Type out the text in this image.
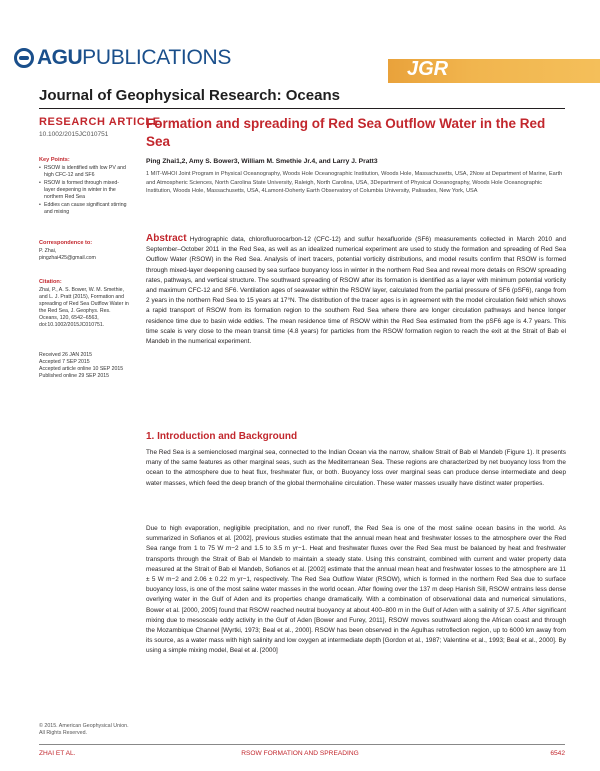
AGU PUBLICATIONS	JGR
Journal of Geophysical Research: Oceans
RESEARCH ARTICLE
10.1002/2015JC010751
Key Points:
• RSOW is identified with low PV and high CFC-12 and SF6
• RSOW is formed through mixed-layer deepening in winter in the northern Red Sea
• Eddies can cause significant stirring and mixing
Correspondence to:
P. Zhai,
pingzhai425@gmail.com
Citation:
Zhai, P., A. S. Bower, W. M. Smethie, and L. J. Pratt (2015), Formation and spreading of Red Sea Outflow Water in the Red Sea, J. Geophys. Res. Oceans, 120, 6542–6563, doi:10.1002/2015JC010751.
Received 26 JAN 2015
Accepted 7 SEP 2015
Accepted article online 10 SEP 2015
Published online 29 SEP 2015
Formation and spreading of Red Sea Outflow Water in the Red Sea
Ping Zhai1,2, Amy S. Bower3, William M. Smethie Jr.4, and Larry J. Pratt3
1 MIT-WHOI Joint Program in Physical Oceanography, Woods Hole Oceanographic Institution, Woods Hole, Massachusetts, USA, 2Now at Department of Marine, Earth and Atmospheric Sciences, North Carolina State University, Raleigh, North Carolina, USA, 3Department of Physical Oceanography, Woods Hole Oceanographic Institution, Woods Hole, Massachusetts, USA, 4Lamont-Doherty Earth Observatory of Columbia University, Palisades, New York, USA
Abstract Hydrographic data, chlorofluorocarbon-12 (CFC-12) and sulfur hexafluoride (SF6) measurements collected in March 2010 and September–October 2011 in the Red Sea, as well as an idealized numerical experiment are used to study the formation and spreading of Red Sea Outflow Water (RSOW) in the Red Sea. Analysis of inert tracers, potential vorticity distributions, and model results confirm that RSOW is formed through mixed-layer deepening caused by sea surface buoyancy loss in winter in the northern Red Sea and reveal more details on RSOW spreading rates, pathways, and vertical structure. The southward spreading of RSOW after its formation is identified as a layer with minimum potential vorticity and maximum CFC-12 and SF6. Ventilation ages of seawater within the RSOW layer, calculated from the partial pressure of SF6 (pSF6), range from 2 years in the northern Red Sea to 15 years at 17°N. The distribution of the tracer ages is in agreement with the model circulation field which shows a rapid transport of RSOW from its formation region to the southern Red Sea where there are longer circulation pathways and hence longer residence time due to basin wide eddies. The mean residence time of RSOW within the Red Sea estimated from the pSF6 age is 4.7 years. This time scale is very close to the mean transit time (4.8 years) for particles from the RSOW formation region to reach the exit at the Strait of Bab el Mandeb in the numerical experiment.
1. Introduction and Background
The Red Sea is a semienclosed marginal sea, connected to the Indian Ocean via the narrow, shallow Strait of Bab el Mandeb (Figure 1). It presents many of the same features as other marginal seas, such as the Mediterranean Sea. These regions are characterized by net buoyancy loss from the ocean to the atmosphere due to heat flux, freshwater flux, or both. Buoyancy loss over marginal seas can produce dense intermediate and deep water masses, which feed the deep branch of the global thermohaline circulation. These water masses usually have distinct water properties.
Due to high evaporation, negligible precipitation, and no river runoff, the Red Sea is one of the most saline ocean basins in the world. As summarized in Sofianos et al. [2002], previous studies estimate that the annual mean heat and freshwater losses to the atmosphere over the Red Sea range from 1 to 75 W m−2 and 1.5 to 3.5 m yr−1. Heat and freshwater fluxes over the Red Sea must be balanced by heat and freshwater transports through the Strait of Bab el Mandeb to maintain a steady state. Using this constraint, combined with current and water property data measured at the Strait of Bab el Mandeb, Sofianos et al. [2002] estimate that the annual mean heat and freshwater losses to the atmosphere are 11 ± 5 W m−2 and 2.06 ± 0.22 m yr−1, respectively. The Red Sea Outflow Water (RSOW), which is formed in the northern Red Sea due to surface buoyancy loss, is one of the most saline water masses in the world ocean. After flowing over the 137 m deep Hanish Sill, RSOW entrains less dense overlying water in the Gulf of Aden and its properties change dramatically. With a combination of observational data and numerical simulations, Bower et al. [2000, 2005] found that RSOW reached neutral buoyancy at about 400–800 m in the Gulf of Aden with a salinity of 37.5. After significant mixing due to mesoscale eddy activity in the Gulf of Aden [Bower and Furey, 2011], RSOW moves southward along the African coast and through the Mozambique Channel [Wyrtki, 1973; Beal et al., 2000]. RSOW has been observed in the Agulhas retroflection region, up to 6000 km away from its source, as a water mass with high salinity and low oxygen at intermediate depth [Gordon et al., 1987; Valentine et al., 1993; Beal et al., 2000]. By using a simple mixing model, Beal et al. [2000]
© 2015. American Geophysical Union.
All Rights Reserved.
ZHAI ET AL.	RSOW FORMATION AND SPREADING	6542
